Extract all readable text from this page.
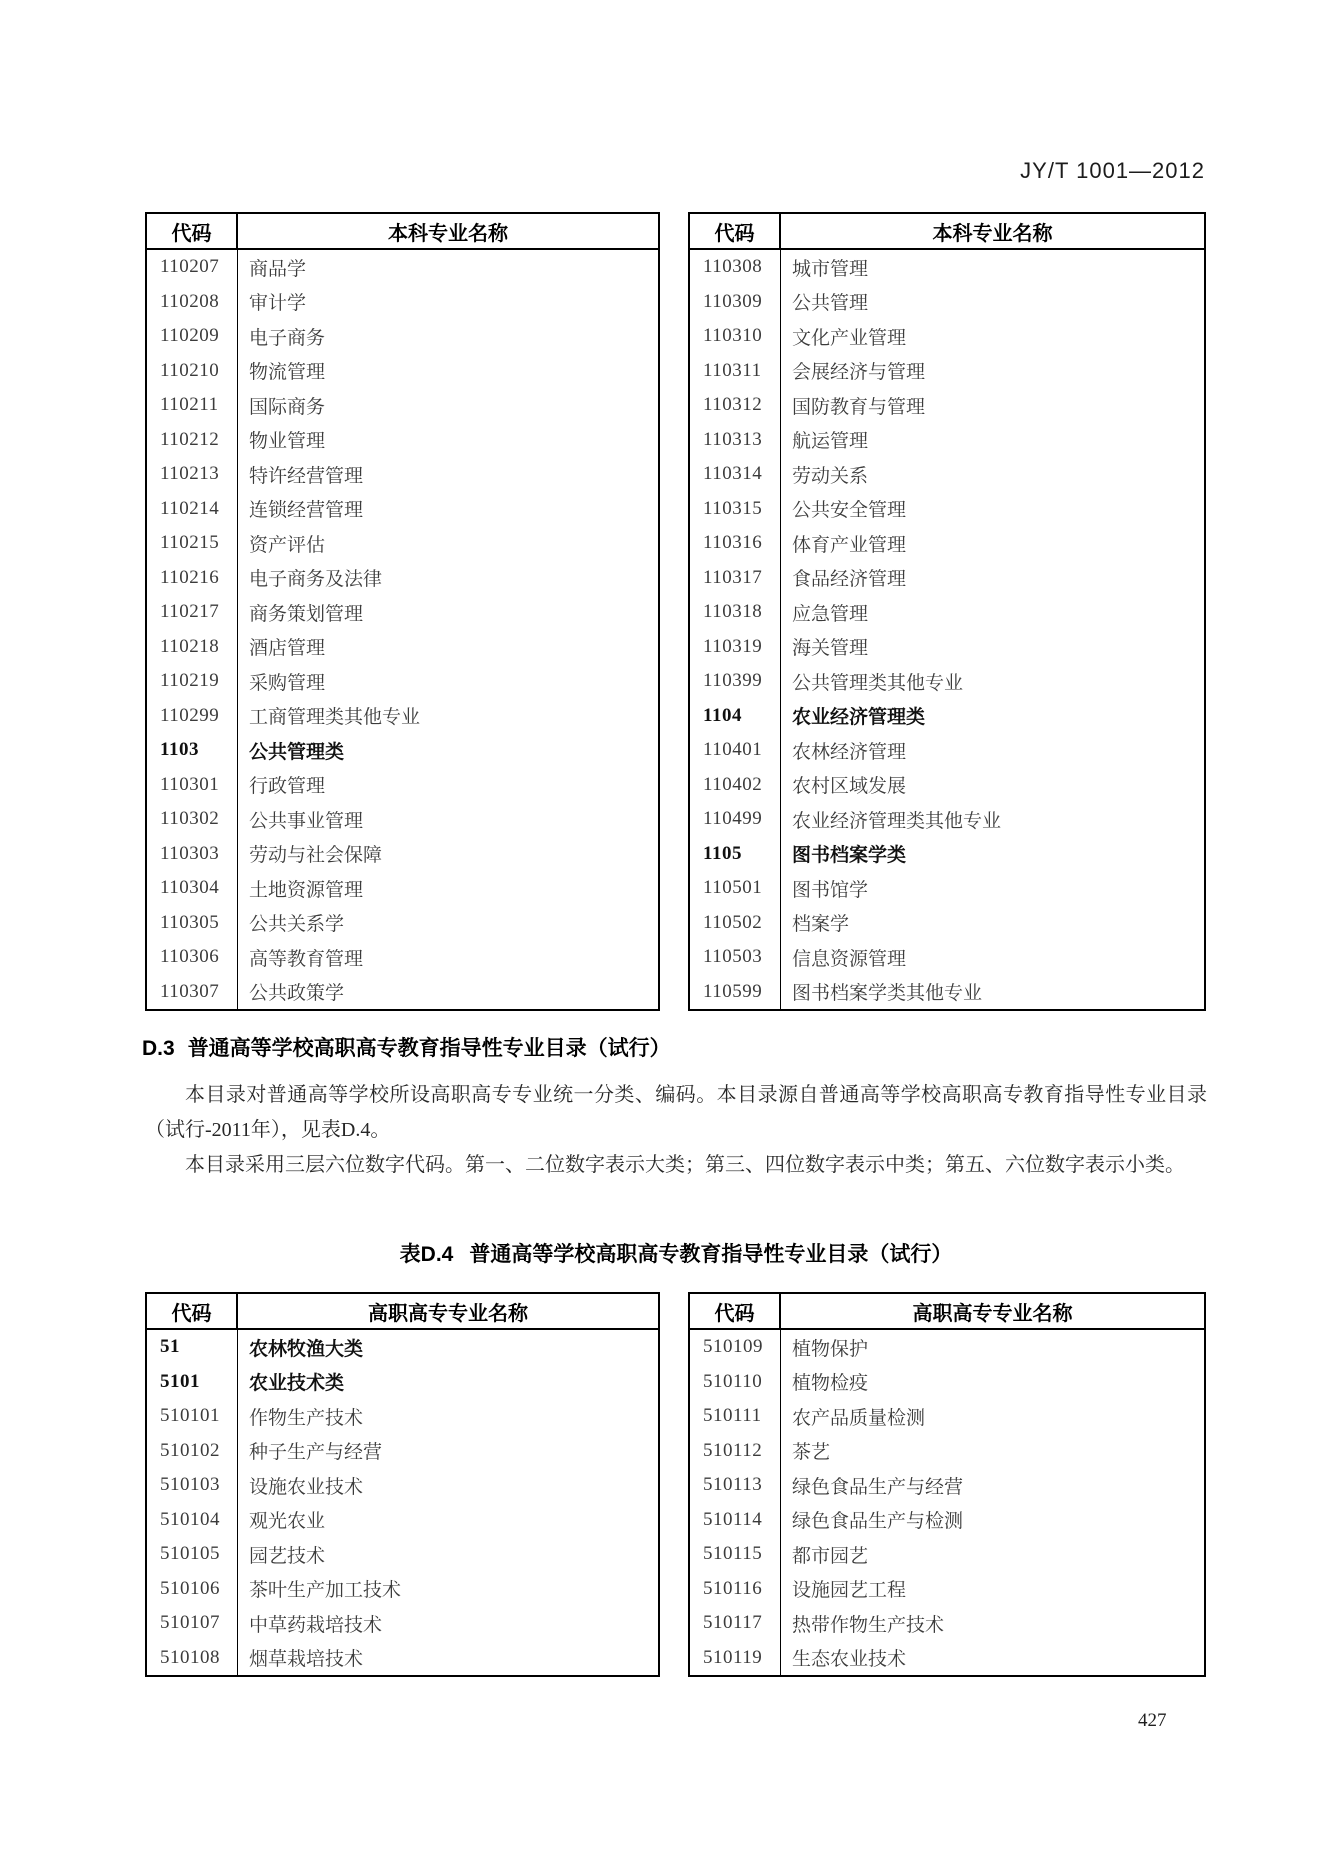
JY/T 1001—2012
代码	本科专业名称
110207	商品学
110208	审计学
110209	电子商务
110210	物流管理
110211	国际商务
110212	物业管理
110213	特许经营管理
110214	连锁经营管理
110215	资产评估
110216	电子商务及法律
110217	商务策划管理
110218	酒店管理
110219	采购管理
110299	工商管理类其他专业
1103	公共管理类
110301	行政管理
110302	公共事业管理
110303	劳动与社会保障
110304	土地资源管理
110305	公共关系学
110306	高等教育管理
110307	公共政策学
代码	本科专业名称
110308	城市管理
110309	公共管理
110310	文化产业管理
110311	会展经济与管理
110312	国防教育与管理
110313	航运管理
110314	劳动关系
110315	公共安全管理
110316	体育产业管理
110317	食品经济管理
110318	应急管理
110319	海关管理
110399	公共管理类其他专业
1104	农业经济管理类
110401	农林经济管理
110402	农村区域发展
110499	农业经济管理类其他专业
1105	图书档案学类
110501	图书馆学
110502	档案学
110503	信息资源管理
110599	图书档案学类其他专业
D.3 普通高等学校高职高专教育指导性专业目录（试行）

本目录对普通高等学校所设高职高专专业统一分类、编码。本目录源自普通高等学校高职高专教育指导性专业目录（试行-2011年），见表D.4。

本目录采用三层六位数字代码。第一、二位数字表示大类；第三、四位数字表示中类；第五、六位数字表示小类。

表D.4 普通高等学校高职高专教育指导性专业目录（试行）
代码	高职高专专业名称
51	农林牧渔大类
5101	农业技术类
510101	作物生产技术
510102	种子生产与经营
510103	设施农业技术
510104	观光农业
510105	园艺技术
510106	茶叶生产加工技术
510107	中草药栽培技术
510108	烟草栽培技术
代码	高职高专专业名称
510109	植物保护
510110	植物检疫
510111	农产品质量检测
510112	茶艺
510113	绿色食品生产与经营
510114	绿色食品生产与检测
510115	都市园艺
510116	设施园艺工程
510117	热带作物生产技术
510119	生态农业技术
427
